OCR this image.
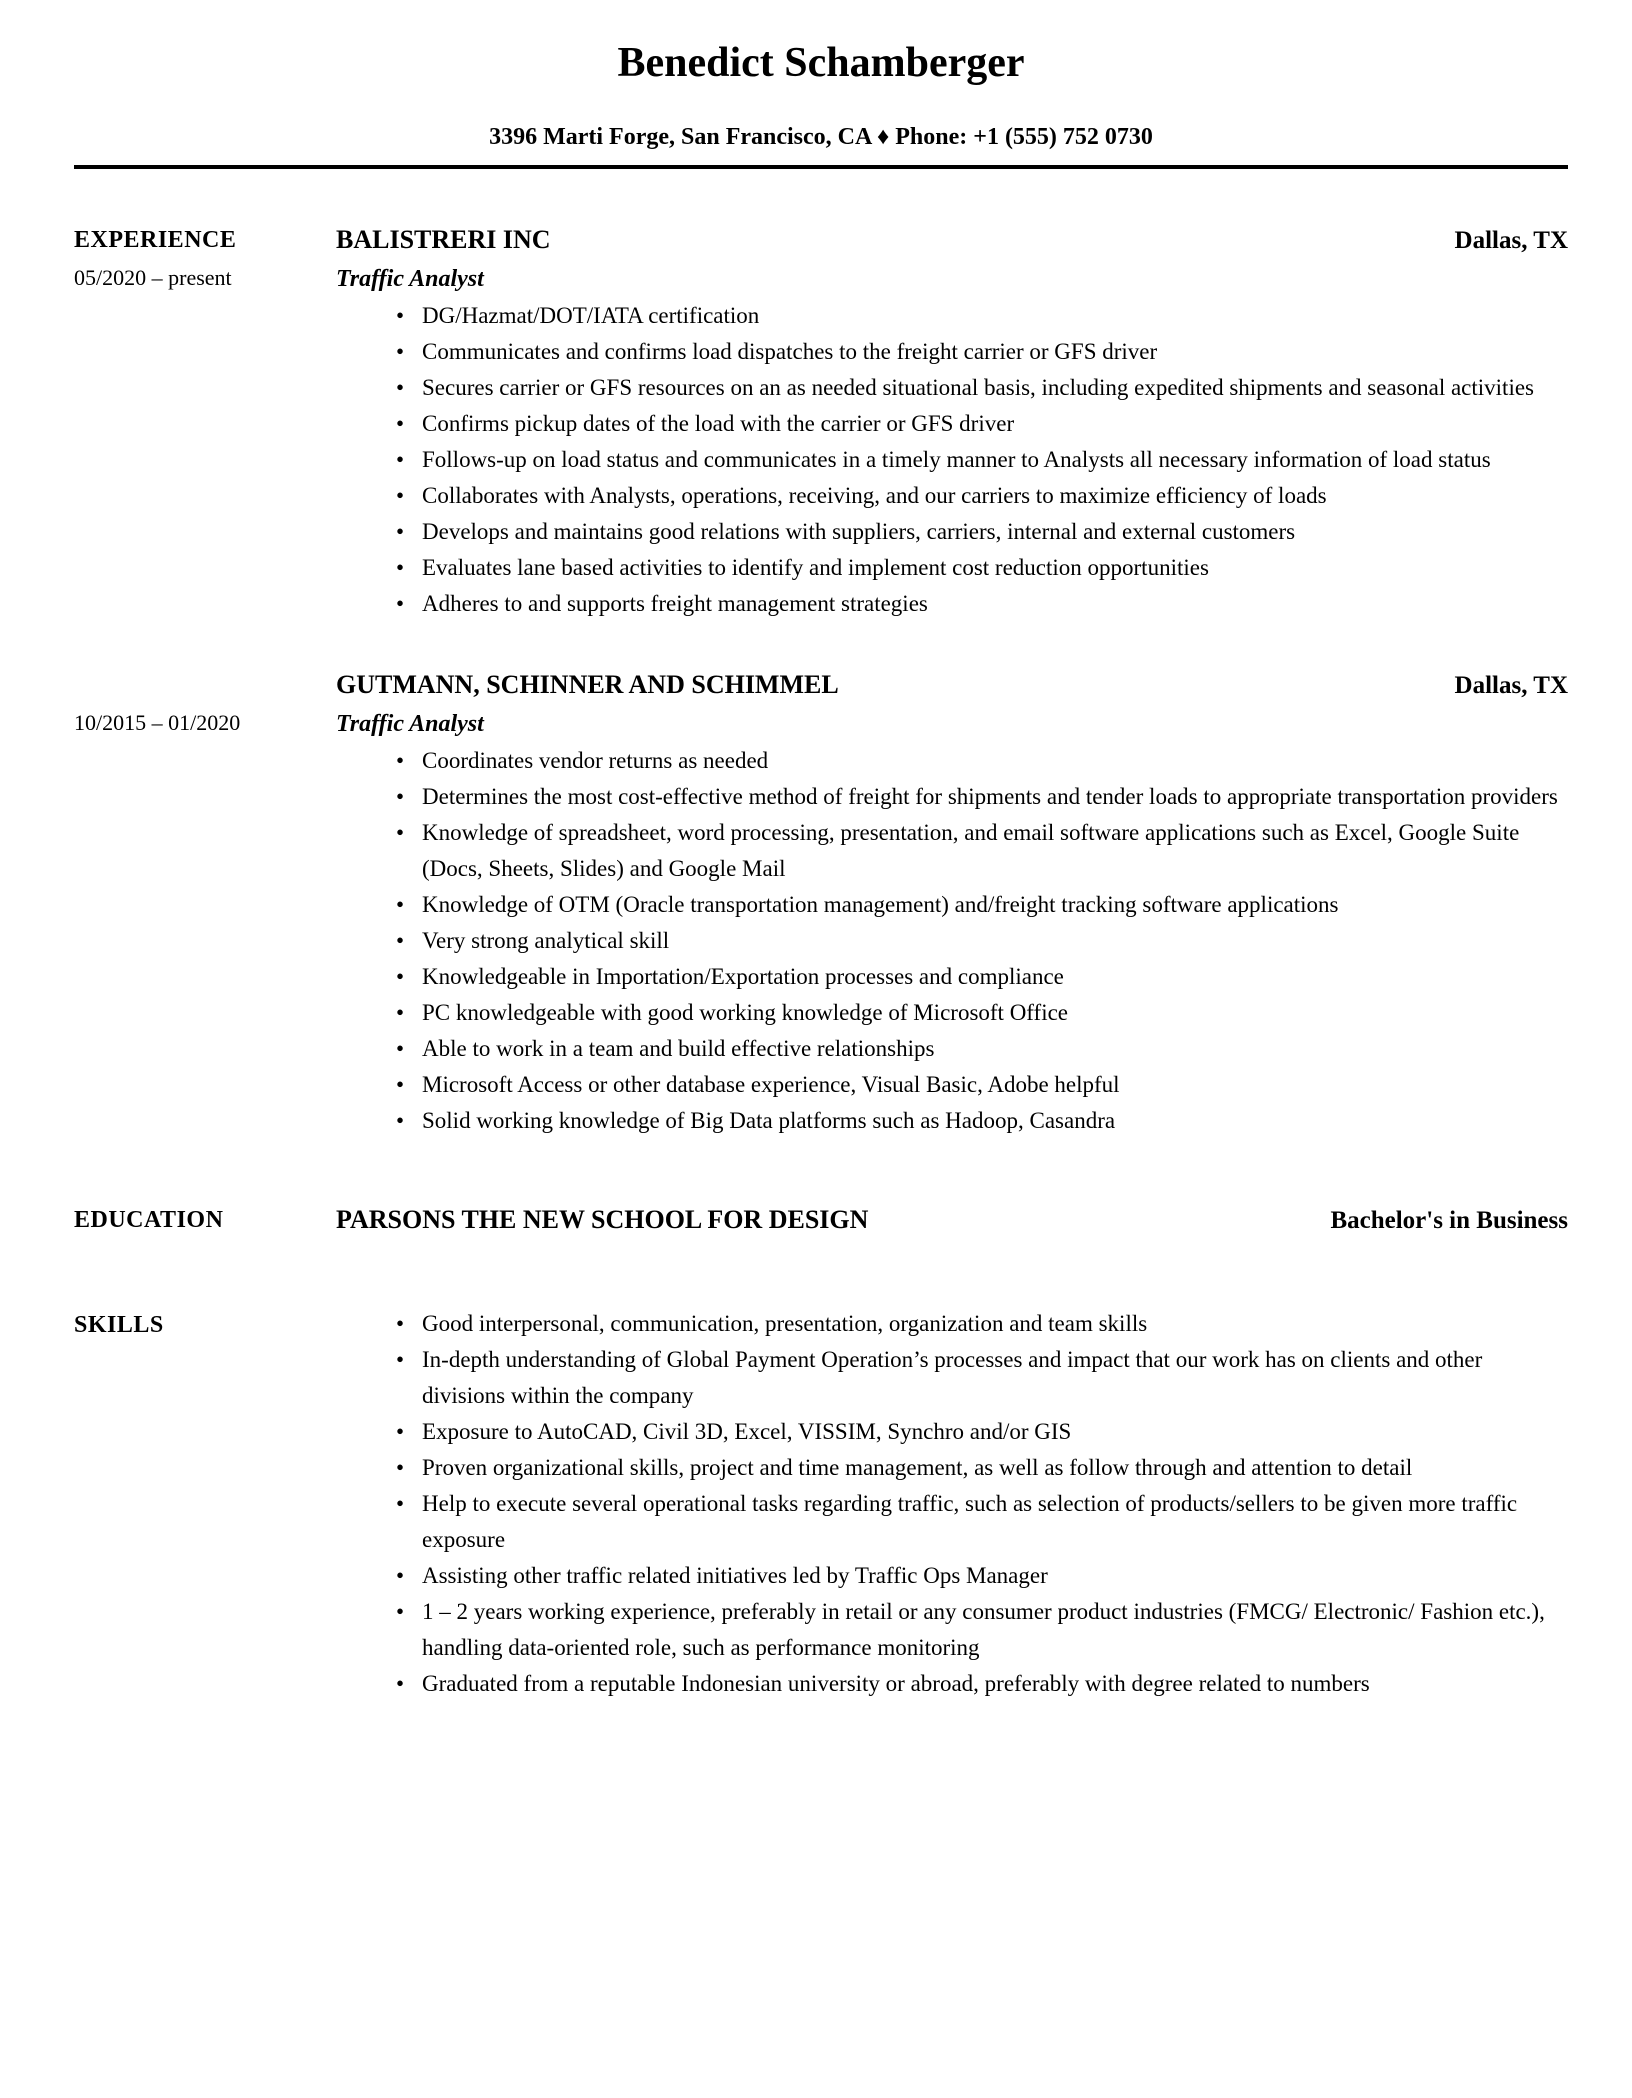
Benedict Schamberger
3396 Marti Forge, San Francisco, CA ♦ Phone: +1 (555) 752 0730
EXPERIENCE
05/2020 – present
BALISTRERI INC	Dallas, TX
Traffic Analyst
• DG/Hazmat/DOT/IATA certification
• Communicates and confirms load dispatches to the freight carrier or GFS driver
• Secures carrier or GFS resources on an as needed situational basis, including expedited shipments and seasonal activities
• Confirms pickup dates of the load with the carrier or GFS driver
• Follows-up on load status and communicates in a timely manner to Analysts all necessary information of load status
• Collaborates with Analysts, operations, receiving, and our carriers to maximize efficiency of loads
• Develops and maintains good relations with suppliers, carriers, internal and external customers
• Evaluates lane based activities to identify and implement cost reduction opportunities
• Adheres to and supports freight management strategies
10/2015 – 01/2020
GUTMANN, SCHINNER AND SCHIMMEL	Dallas, TX
Traffic Analyst
• Coordinates vendor returns as needed
• Determines the most cost-effective method of freight for shipments and tender loads to appropriate transportation providers
• Knowledge of spreadsheet, word processing, presentation, and email software applications such as Excel, Google Suite (Docs, Sheets, Slides) and Google Mail
• Knowledge of OTM (Oracle transportation management) and/freight tracking software applications
• Very strong analytical skill
• Knowledgeable in Importation/Exportation processes and compliance
• PC knowledgeable with good working knowledge of Microsoft Office
• Able to work in a team and build effective relationships
• Microsoft Access or other database experience, Visual Basic, Adobe helpful
• Solid working knowledge of Big Data platforms such as Hadoop, Casandra
EDUCATION	PARSONS THE NEW SCHOOL FOR DESIGN	Bachelor's in Business
SKILLS	• Good interpersonal, communication, presentation, organization and team skills
• In-depth understanding of Global Payment Operation’s processes and impact that our work has on clients and other divisions within the company
• Exposure to AutoCAD, Civil 3D, Excel, VISSIM, Synchro and/or GIS
• Proven organizational skills, project and time management, as well as follow through and attention to detail
• Help to execute several operational tasks regarding traffic, such as selection of products/sellers to be given more traffic exposure
• Assisting other traffic related initiatives led by Traffic Ops Manager
• 1 – 2 years working experience, preferably in retail or any consumer product industries (FMCG/ Electronic/ Fashion etc.), handling data-oriented role, such as performance monitoring
• Graduated from a reputable Indonesian university or abroad, preferably with degree related to numbers
